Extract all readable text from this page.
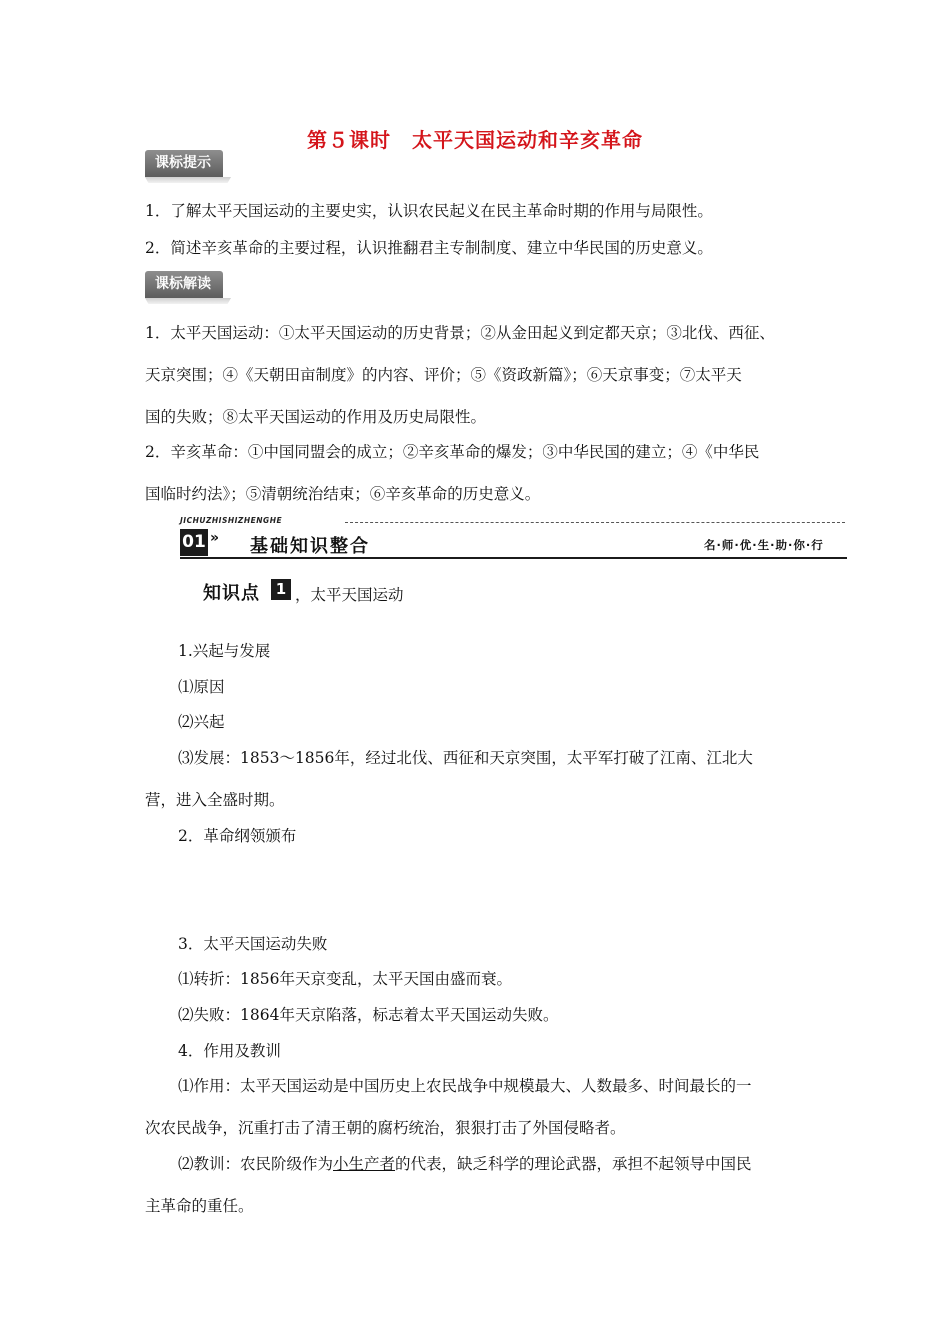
第５课时　太平天国运动和辛亥革命
课标提示
1．了解太平天国运动的主要史实，认识农民起义在民主革命时期的作用与局限性。
2．简述辛亥革命的主要过程，认识推翻君主专制制度、建立中华民国的历史意义。
课标解读
1．太平天国运动：①太平天国运动的历史背景；②从金田起义到定都天京；③北伐、西征、
天京突围；④《天朝田亩制度》的内容、评价；⑤《资政新篇》；⑥天京事变；⑦太平天
国的失败；⑧太平天国运动的作用及历史局限性。
2．辛亥革命：①中国同盟会的成立；②辛亥革命的爆发；③中华民国的建立；④《中华民
国临时约法》；⑤清朝统治结束；⑥辛亥革命的历史意义。
JICHUZHISHIZHENGHE
01 » 基础知识整合	名·师·优·生·助·你·行
知识点	1 ，太平天国运动
1.兴起与发展
⑴原因
⑵兴起
⑶发展：1853～1856年，经过北伐、西征和天京突围，太平军打破了江南、江北大
营，进入全盛时期。
2．革命纲领颁布
3．太平天国运动失败
⑴转折：1856年天京变乱，太平天国由盛而衰。
⑵失败：1864年天京陷落，标志着太平天国运动失败。
4．作用及教训
⑴作用：太平天国运动是中国历史上农民战争中规模最大、人数最多、时间最长的一
次农民战争，沉重打击了清王朝的腐朽统治，狠狠打击了外国侵略者。
⑵教训：农民阶级作为小生产者的代表，缺乏科学的理论武器，承担不起领导中国民
主革命的重任。
